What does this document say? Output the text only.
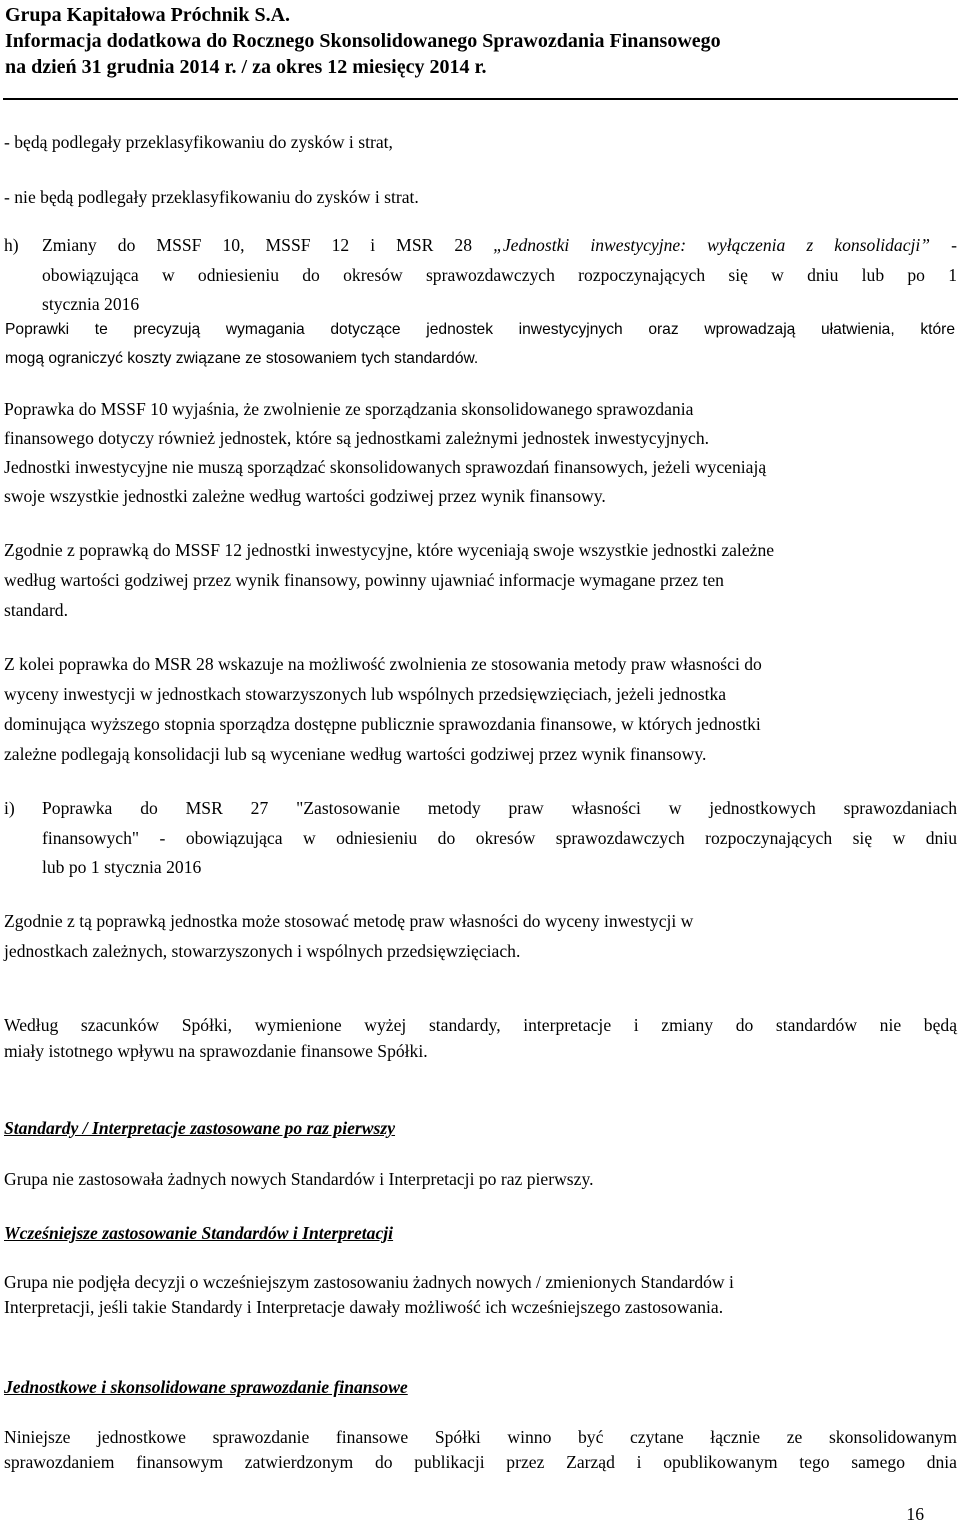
Grupa Kapitałowa Próchnik S.A.
Informacja dodatkowa do Rocznego Skonsolidowanego Sprawozdania Finansowego
na dzień 31 grudnia 2014 r. / za okres 12 miesięcy 2014 r.
- będą podlegały przeklasyfikowaniu do zysków i strat,
- nie będą podlegały przeklasyfikowaniu do zysków i strat.
h)	Zmiany do MSSF 10, MSSF 12 i MSR 28 „Jednostki inwestycyjne: wyłączenia z konsolidacji” -
obowiązująca w odniesieniu do okresów sprawozdawczych rozpoczynających się w dniu lub po 1
stycznia 2016
Poprawki te precyzują wymagania dotyczące jednostek inwestycyjnych oraz wprowadzają ułatwienia, które
mogą ograniczyć koszty związane ze stosowaniem tych standardów.
Poprawka do MSSF 10 wyjaśnia, że zwolnienie ze sporządzania skonsolidowanego sprawozdania
finansowego dotyczy również jednostek, które są jednostkami zależnymi jednostek inwestycyjnych.
Jednostki inwestycyjne nie muszą sporządzać skonsolidowanych sprawozdań finansowych, jeżeli wyceniają
swoje wszystkie jednostki zależne według wartości godziwej przez wynik finansowy.
Zgodnie z poprawką do MSSF 12 jednostki inwestycyjne, które wyceniają swoje wszystkie jednostki zależne
według wartości godziwej przez wynik finansowy, powinny ujawniać informacje wymagane przez ten
standard.
Z kolei poprawka do MSR 28 wskazuje na możliwość zwolnienia ze stosowania metody praw własności do
wyceny inwestycji w jednostkach stowarzyszonych lub wspólnych przedsięwzięciach, jeżeli jednostka
dominująca wyższego stopnia sporządza dostępne publicznie sprawozdania finansowe, w których jednostki
zależne podlegają konsolidacji lub są wyceniane według wartości godziwej przez wynik finansowy.
i) Poprawka do MSR 27 "Zastosowanie metody praw własności w jednostkowych sprawozdaniach
finansowych" - obowiązująca w odniesieniu do okresów sprawozdawczych rozpoczynających się w dniu
lub po 1 stycznia 2016
Zgodnie z tą poprawką jednostka może stosować metodę praw własności do wyceny inwestycji w
jednostkach zależnych, stowarzyszonych i wspólnych przedsięwzięciach.
Według szacunków Spółki, wymienione wyżej standardy, interpretacje i zmiany do standardów nie będą
miały istotnego wpływu na sprawozdanie finansowe Spółki.
Standardy / Interpretacje zastosowane po raz pierwszy
Grupa nie zastosowała żadnych nowych Standardów i Interpretacji po raz pierwszy.
Wcześniejsze zastosowanie Standardów i Interpretacji
Grupa nie podjęła decyzji o wcześniejszym zastosowaniu żadnych nowych / zmienionych Standardów i
Interpretacji, jeśli takie Standardy i Interpretacje dawały możliwość ich wcześniejszego zastosowania.
Jednostkowe i skonsolidowane sprawozdanie finansowe
Niniejsze jednostkowe sprawozdanie finansowe Spółki winno być czytane łącznie ze skonsolidowanym
sprawozdaniem finansowym zatwierdzonym do publikacji przez Zarząd i opublikowanym tego samego dnia
16
